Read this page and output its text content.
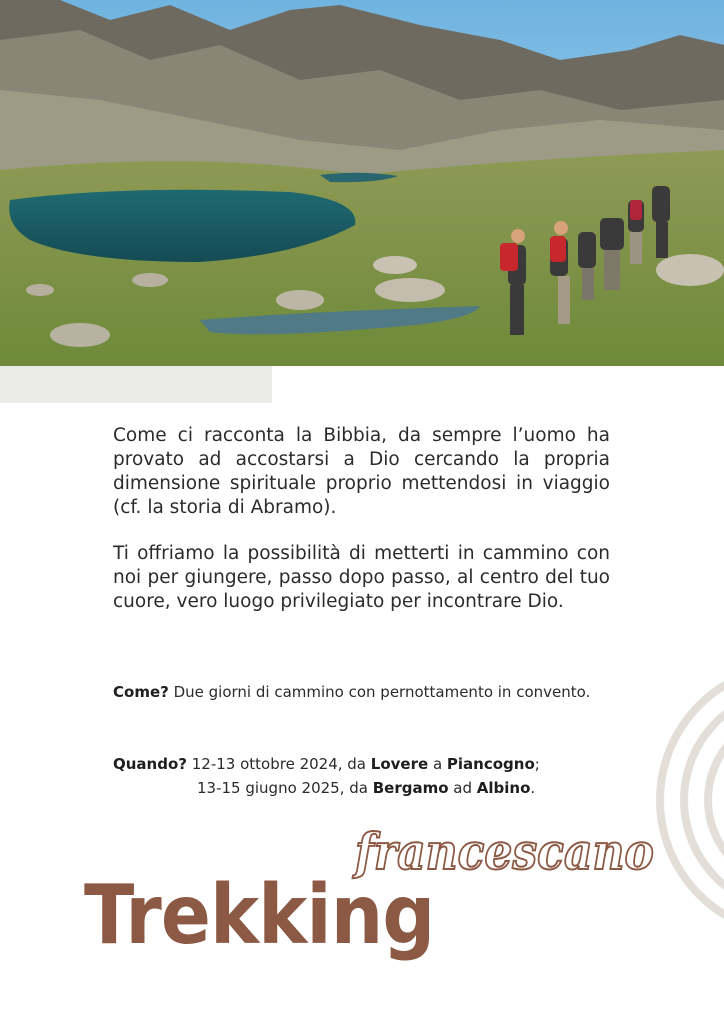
Come ci racconta la Bibbia, da sempre l’uomo ha provato ad accostarsi a Dio cercando la propria dimensione spirituale proprio mettendosi in viaggio (cf. la storia di Abramo).

Ti offriamo la possibilità di metterti in cammino con noi per giungere, passo dopo passo, al centro del tuo cuore, vero luogo privilegiato per incontrare Dio.

Come? Due giorni di cammino con pernottamento in convento.

Quando? 12-13 ottobre 2024, da Lovere a Piancogno;
13-15 giugno 2025, da Bergamo ad Albino.

francescano
Trekking
